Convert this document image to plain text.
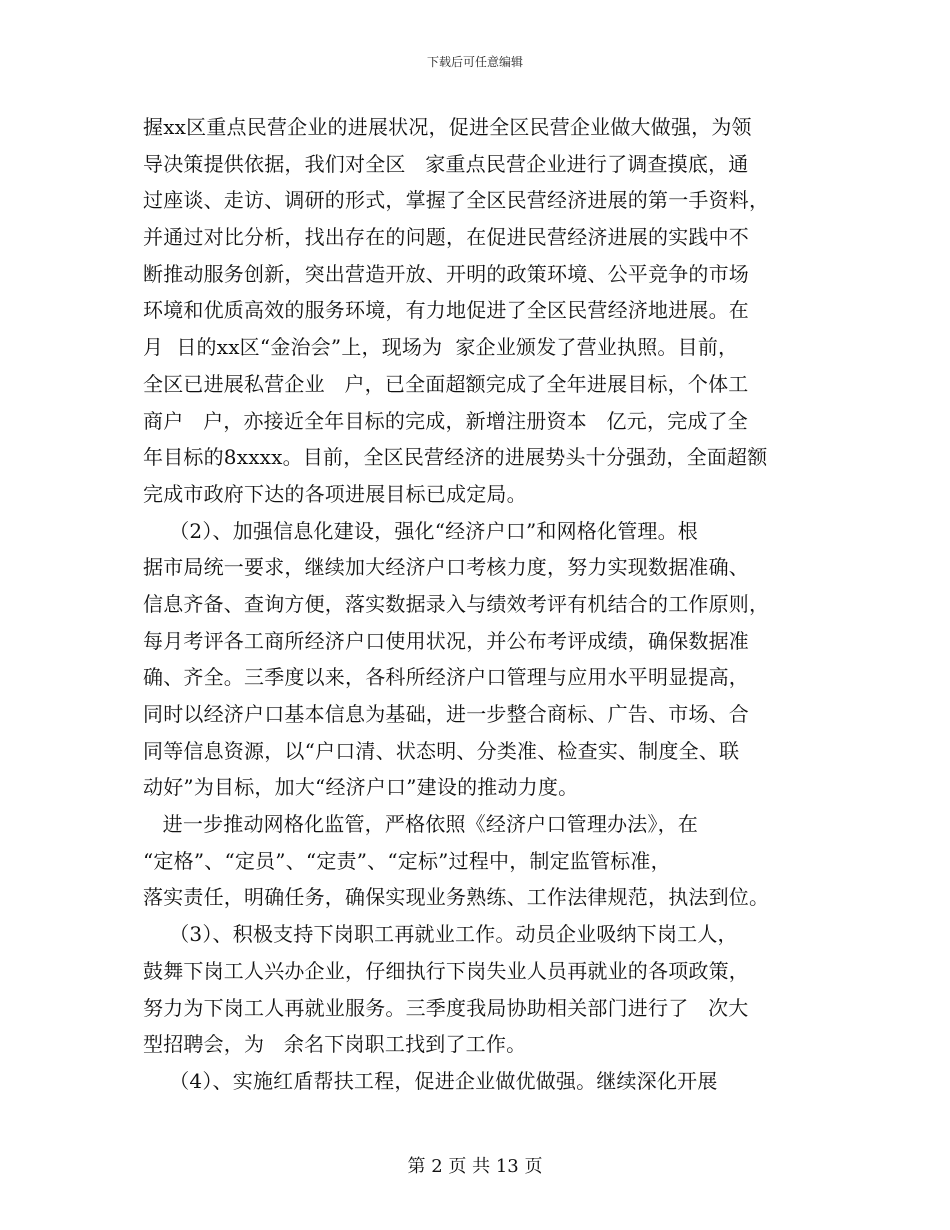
下载后可任意编辑
握xx区重点民营企业的进展状况，促进全区民营企业做大做强，为领
导决策提供依据，我们对全区   家重点民营企业进行了调查摸底，通
过座谈、走访、调研的形式，掌握了全区民营经济进展的第一手资料，
并通过对比分析，找出存在的问题，在促进民营经济进展的实践中不
断推动服务创新，突出营造开放、开明的政策环境、公平竞争的市场
环境和优质高效的服务环境，有力地促进了全区民营经济地进展。在
月  日的xx区“金治会”上，现场为  家企业颁发了营业执照。目前，
全区已进展私营企业   户，已全面超额完成了全年进展目标，个体工
商户   户，亦接近全年目标的完成，新增注册资本   亿元，完成了全
年目标的8xxxx。目前，全区民营经济的进展势头十分强劲，全面超额
完成市政府下达的各项进展目标已成定局。
（2）、加强信息化建设，强化“经济户口”和网格化管理。根
据市局统一要求，继续加大经济户口考核力度，努力实现数据准确、
信息齐备、查询方便，落实数据录入与绩效考评有机结合的工作原则，
每月考评各工商所经济户口使用状况，并公布考评成绩，确保数据准
确、齐全。三季度以来，各科所经济户口管理与应用水平明显提高，
同时以经济户口基本信息为基础，进一步整合商标、广告、市场、合
同等信息资源，以“户口清、状态明、分类准、检查实、制度全、联
动好”为目标，加大“经济户口”建设的推动力度。
进一步推动网格化监管，严格依照《经济户口管理办法》，在
“定格”、“定员”、“定责”、“定标”过程中，制定监管标准，
落实责任，明确任务，确保实现业务熟练、工作法律规范，执法到位。
（3）、积极支持下岗职工再就业工作。动员企业吸纳下岗工人，
鼓舞下岗工人兴办企业，仔细执行下岗失业人员再就业的各项政策，
努力为下岗工人再就业服务。三季度我局协助相关部门进行了   次大
型招聘会，为   余名下岗职工找到了工作。
（4）、实施红盾帮扶工程，促进企业做优做强。继续深化开展
第 2 页 共 13 页
